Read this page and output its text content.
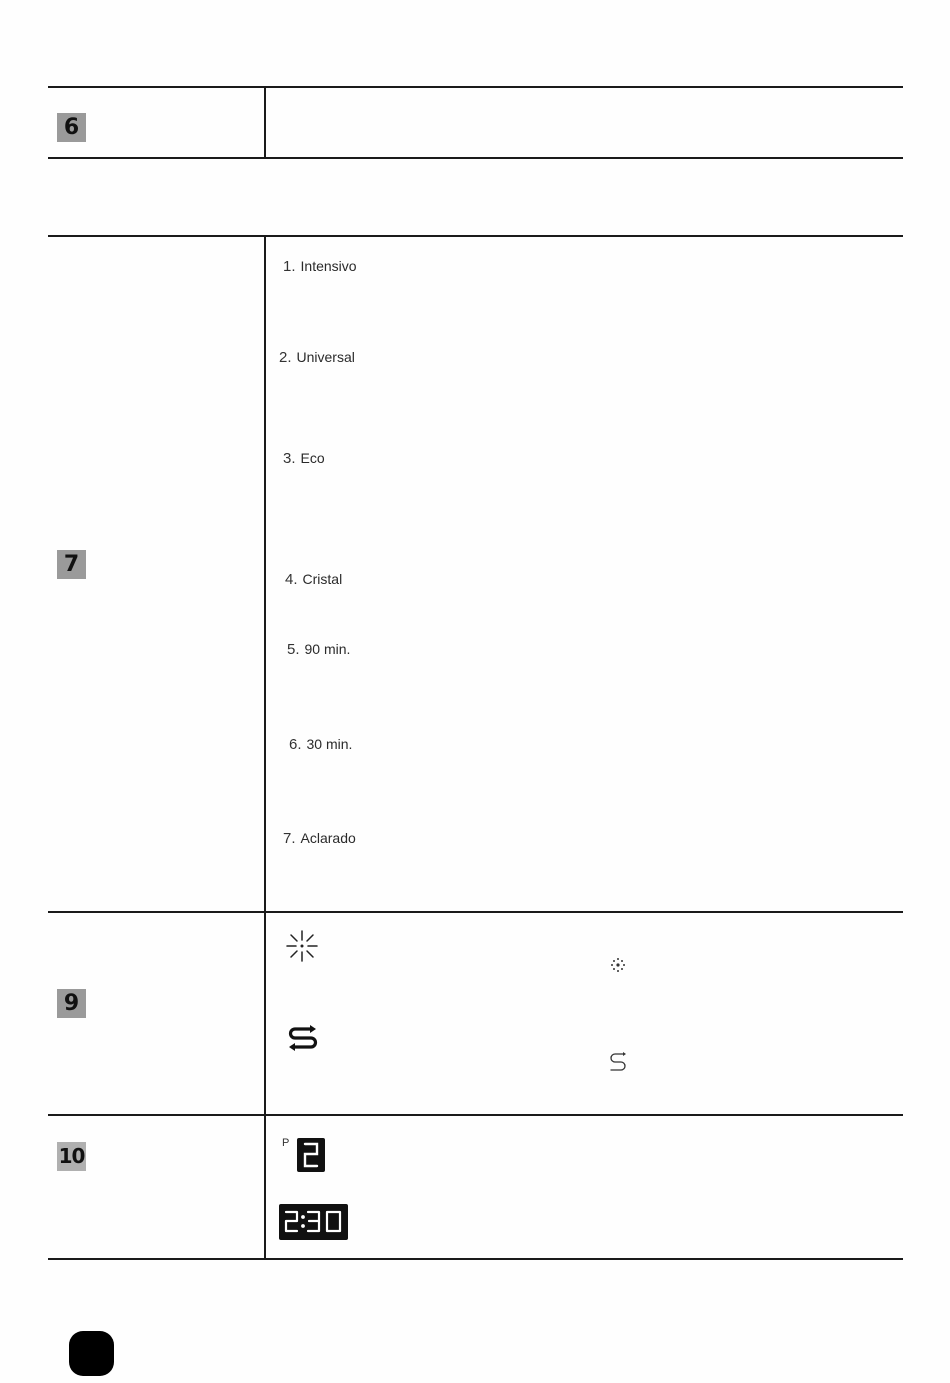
6
7
9
10
1. Intensivo
2. Universal
3. Eco
4. Cristal
5. 90 min.
6. 30 min.
7. Aclarado
P
